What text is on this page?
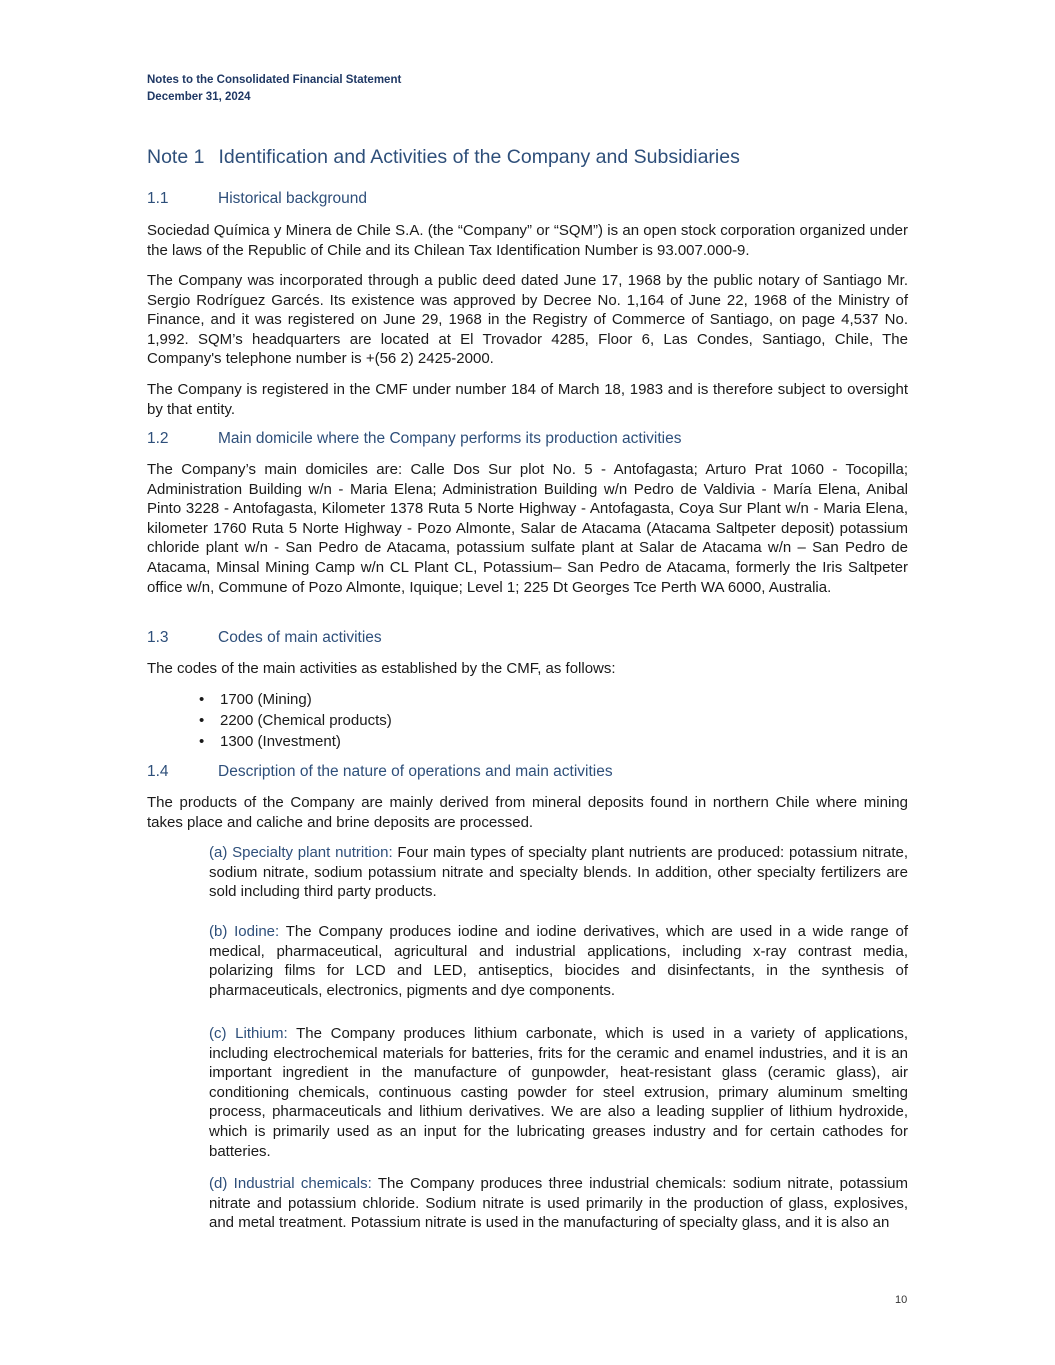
Notes to the Consolidated Financial Statement
December 31, 2024
Note 1 Identification and Activities of the Company and Subsidiaries
1.1	Historical background

Sociedad Química y Minera de Chile S.A. (the “Company” or “SQM”) is an open stock corporation organized under the laws of the Republic of Chile and its Chilean Tax Identification Number is 93.007.000-9.

The Company was incorporated through a public deed dated June 17, 1968 by the public notary of Santiago Mr. Sergio Rodríguez Garcés. Its existence was approved by Decree No. 1,164 of June 22, 1968 of the Ministry of Finance, and it was registered on June 29, 1968 in the Registry of Commerce of Santiago, on page 4,537 No. 1,992. SQM’s headquarters are located at El Trovador 4285, Floor 6, Las Condes, Santiago, Chile, The Company's telephone number is +(56 2) 2425-2000.

The Company is registered in the CMF under number 184 of March 18, 1983 and is therefore subject to oversight by that entity.

1.2	Main domicile where the Company performs its production activities

The Company’s main domiciles are: Calle Dos Sur plot No. 5 - Antofagasta; Arturo Prat 1060 - Tocopilla; Administration Building w/n - Maria Elena; Administration Building w/n Pedro de Valdivia - María Elena, Anibal Pinto 3228 - Antofagasta, Kilometer 1378 Ruta 5 Norte Highway - Antofagasta, Coya Sur Plant w/n - Maria Elena, kilometer 1760 Ruta 5 Norte Highway - Pozo Almonte, Salar de Atacama (Atacama Saltpeter deposit) potassium chloride plant w/n - San Pedro de Atacama, potassium sulfate plant at Salar de Atacama w/n – San Pedro de Atacama, Minsal Mining Camp w/n CL Plant CL, Potassium– San Pedro de Atacama, formerly the Iris Saltpeter office w/n, Commune of Pozo Almonte, Iquique; Level 1; 225 Dt Georges Tce Perth WA 6000, Australia.

1.3	Codes of main activities

The codes of the main activities as established by the CMF, as follows:

• 1700 (Mining)
• 2200 (Chemical products)
• 1300 (Investment)
1.4	Description of the nature of operations and main activities

The products of the Company are mainly derived from mineral deposits found in northern Chile where mining takes place and caliche and brine deposits are processed.

(a) Specialty plant nutrition: Four main types of specialty plant nutrients are produced: potassium nitrate, sodium nitrate, sodium potassium nitrate and specialty blends. In addition, other specialty fertilizers are sold including third party products.

(b) Iodine: The Company produces iodine and iodine derivatives, which are used in a wide range of medical, pharmaceutical, agricultural and industrial applications, including x-ray contrast media, polarizing films for LCD and LED, antiseptics, biocides and disinfectants, in the synthesis of pharmaceuticals, electronics, pigments and dye components.

(c) Lithium: The Company produces lithium carbonate, which is used in a variety of applications, including electrochemical materials for batteries, frits for the ceramic and enamel industries, and it is an important ingredient in the manufacture of gunpowder, heat-resistant glass (ceramic glass), air conditioning chemicals, continuous casting powder for steel extrusion, primary aluminum smelting process, pharmaceuticals and lithium derivatives. We are also a leading supplier of lithium hydroxide, which is primarily used as an input for the lubricating greases industry and for certain cathodes for batteries.

(d) Industrial chemicals: The Company produces three industrial chemicals: sodium nitrate, potassium nitrate and potassium chloride. Sodium nitrate is used primarily in the production of glass, explosives, and metal treatment. Potassium nitrate is used in the manufacturing of specialty glass, and it is also an

10
